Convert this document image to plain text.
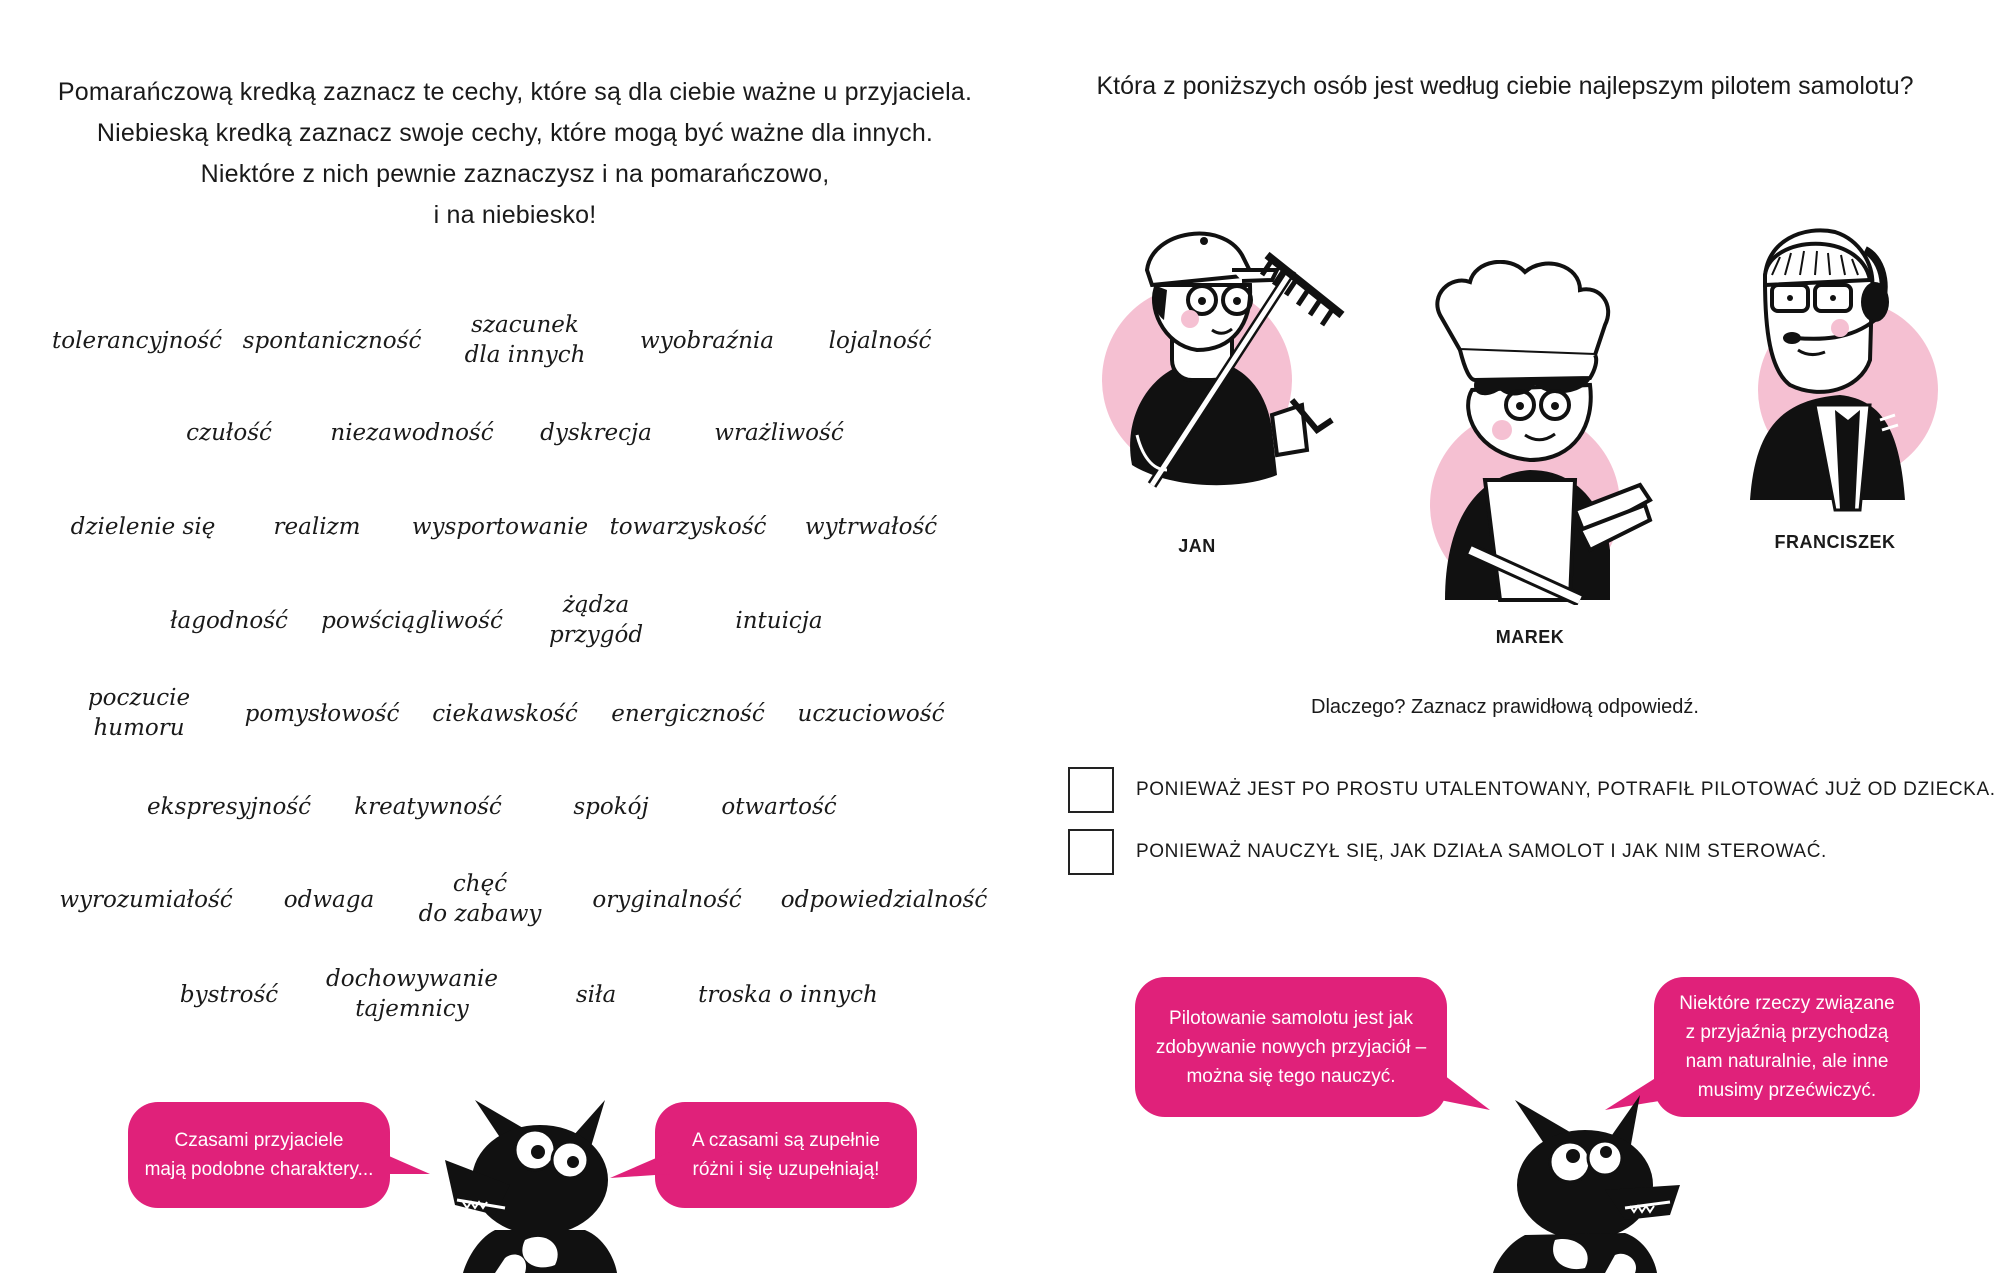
Pomarańczową kredką zaznacz te cechy, które są dla ciebie ważne u przyjaciela.
Niebieską kredką zaznacz swoje cechy, które mogą być ważne dla innych.
Niektóre z nich pewnie zaznaczysz i na pomarańczowo,
i na niebiesko!
tolerancyjność spontaniczność
szacunek
dla innych
wyobraźnia lojalność
czułość	niezawodność dyskrecja	wrażliwość
dzielenie się	realizm wysportowanie towarzyskość wytrwałość
łagodność powściągliwość
żądza
przygód
intuicja
poczucie
humoru
pomysłowość ciekawskość energiczność uczuciowość
ekspresyjność kreatywność	spokój	otwartość
wyrozumiałość odwaga
chęć
do zabawy
oryginalność odpowiedzialność
bystrość
dochowywanie
tajemnicy
siła	troska o innych
Czasami przyjaciele
mają podobne charaktery...
A czasami są zupełnie
różni i się uzupełniają!
Która z poniższych osób jest według ciebie najlepszym pilotem samolotu?
JAN
MAREK
FRANCISZEK
Dlaczego? Zaznacz prawidłową odpowiedź.
PONIEWAŻ JEST PO PROSTU UTALENTOWANY, POTRAFIŁ PILOTOWAĆ JUŻ OD DZIECKA.
PONIEWAŻ NAUCZYŁ SIĘ, JAK DZIAŁA SAMOLOT I JAK NIM STEROWAĆ.
Pilotowanie samolotu jest jak
zdobywanie nowych przyjaciół –
można się tego nauczyć.
Niektóre rzeczy związane
z przyjaźnią przychodzą
nam naturalnie, ale inne
musimy przećwiczyć.
